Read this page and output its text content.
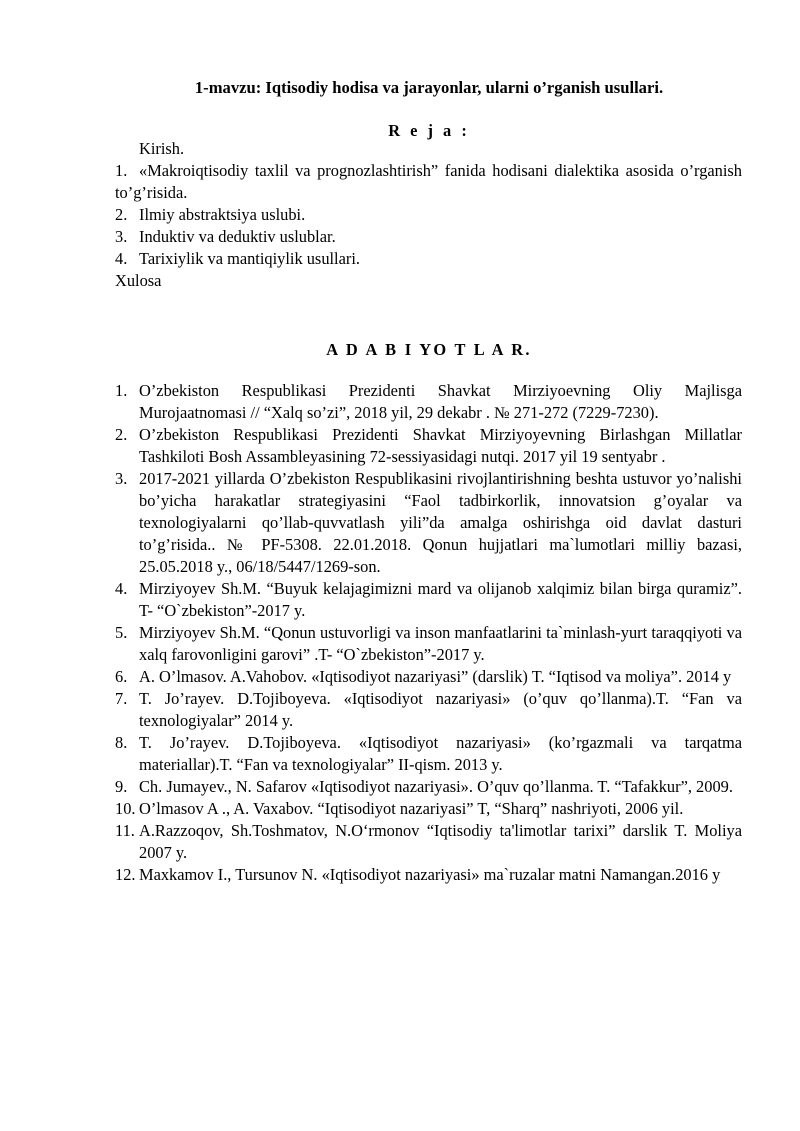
1-mavzu: Iqtisodiy hodisa va jarayonlar, ularni o’rganish usullari.
R e j a :
Kirish.
1. «Makroiqtisodiy taxlil va prognozlashtirish” fanida hodisani dialektika asosida o’rganish to’g’risida.
2. Ilmiy abstraktsiya uslubi.
3. Induktiv va deduktiv uslublar.
4. Tarixiylik va mantiqiylik usullari.
Xulosa
A D A B I YO T L A R.
1. O’zbekiston Respublikasi Prezidenti Shavkat Mirziyoevning Oliy Majlisga Murojaatnomasi // “Xalq so’zi”, 2018 yil, 29 dekabr . № 271-272 (7229-7230).
2. O’zbekiston Respublikasi Prezidenti Shavkat Mirziyoyevning Birlashgan Millatlar Tashkiloti Bosh Assambleyasining 72-sessiyasidagi nutqi. 2017 yil 19 sentyabr .
3. 2017-2021 yillarda O’zbekiston Respublikasini rivojlantirishning beshta ustuvor yo’nalishi bo’yicha harakatlar strategiyasini “Faol tadbirkorlik, innovatsion g’oyalar va texnologiyalarni qo’llab-quvvatlash yili”da amalga oshirishga oid davlat dasturi to’g’risida.. № PF-5308. 22.01.2018. Qonun hujjatlari ma`lumotlari milliy bazasi, 25.05.2018 y., 06/18/5447/1269-son.
4. Mirziyoyev Sh.M. “Buyuk kelajagimizni mard va olijanob xalqimiz bilan birga quramiz”.           T- “O`zbekiston”-2017 y.
5. Mirziyoyev Sh.M. “Qonun ustuvorligi va inson manfaatlarini ta`minlash-yurt taraqqiyoti va xalq farovonligini garovi” .T- “O`zbekiston”-2017 y.
6. A. O’lmasov. A.Vahobov. «Iqtisodiyot nazariyasi” (darslik) T. “Iqtisod va moliya”. 2014 y
7. T. Jo’rayev. D.Tojiboyeva. «Iqtisodiyot nazariyasi» (o’quv qo’llanma).T. “Fan va texnologiyalar” 2014 y.
8. T. Jo’rayev. D.Tojiboyeva. «Iqtisodiyot nazariyasi» (ko’rgazmali va tarqatma materiallar).T. “Fan va texnologiyalar” II-qism. 2013 y.
9. Ch. Jumayev., N. Safarov «Iqtisodiyot nazariyasi». O’quv qo’llanma. T. “Tafakkur”, 2009.
10. O’lmasov A ., A. Vaxabov. “Iqtisodiyot nazariyasi” T, “Sharq” nashriyoti, 2006 yil.
11. A.Razzoqov, Sh.Toshmatov, N.O‘rmonov “Iqtisodiy ta'limotlar tarixi” darslik T. Moliya 2007 y.
12. Maxkamov I., Tursunov N. «Iqtisodiyot nazariyasi» ma`ruzalar matni Namangan.2016 y
